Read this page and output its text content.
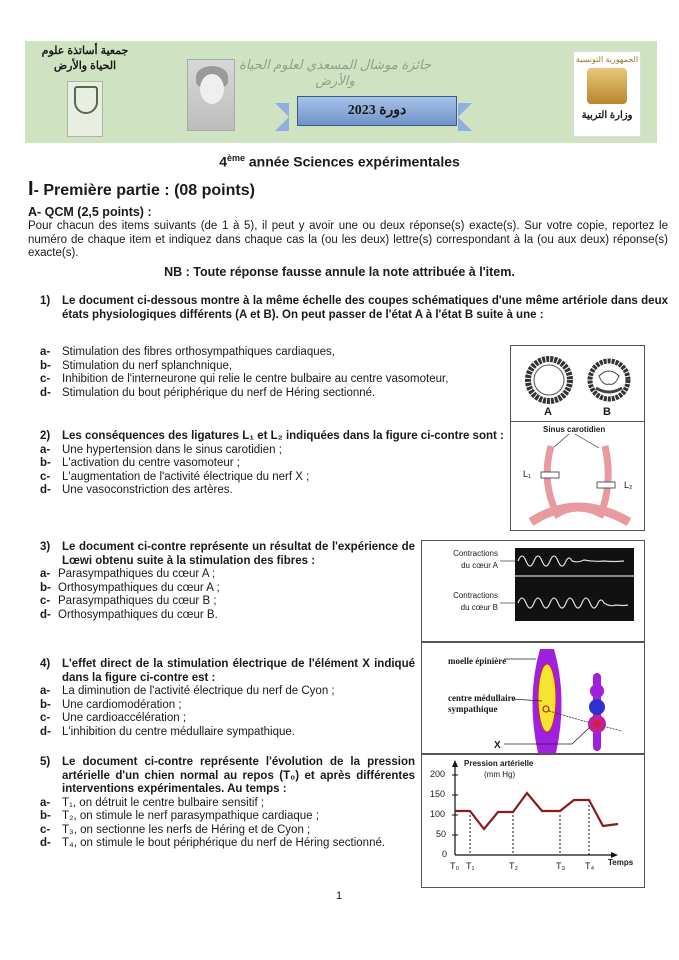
جمعية أساتذة علوم الحياة والأرض	جائزة موشال المسعدي لعلوم الحياة والأرض
دورة 2023
الجمهورية التونسية
وزارة التربية
4ème année Sciences expérimentales
I- Première partie : (08 points)
A- QCM (2,5 points) :
Pour chacun des items suivants (de 1 à 5), il peut y avoir une ou deux réponse(s) exacte(s). Sur votre copie, reportez le numéro de chaque item et indiquez dans chaque cas la (ou les deux) lettre(s) correspondant à la (ou aux deux) réponse(s) exacte(s).
NB : Toute réponse fausse annule la note attribuée à l'item.
1) Le document ci-dessous montre à la même échelle des coupes schématiques d'une même artériole dans deux états physiologiques différents (A et B). On peut passer de l'état A à l'état B suite à une :
a- Stimulation des fibres orthosympathiques cardiaques,
b- Stimulation du nerf splanchnique,
c- Inhibition de l'interneurone qui relie le centre bulbaire au centre vasomoteur,
d- Stimulation du bout périphérique du nerf de Héring sectionné.
A	B
2) Les conséquences des ligatures L₁ et L₂ indiquées dans la figure ci-contre sont :
a- Une hypertension dans le sinus carotidien ;
b- L'activation du centre vasomoteur ;
c- L'augmentation de l'activité électrique du nerf X ;
d- Une vasoconstriction des artères.
Sinus carotidien
L₁
L₂
3) Le document ci-contre représente un résultat de l'expérience de Lœwi obtenu suite à la stimulation des fibres :
a- Parasympathiques du cœur A ;
b- Orthosympathiques du cœur A ;
c- Parasympathiques du cœur B ;
d- Orthosympathiques du cœur B.
Contractions
du cœur A
Contractions
du cœur B
4) L'effet direct de la stimulation électrique de l'élément X indiqué dans la figure ci-contre est :
a- La diminution de l'activité électrique du nerf de Cyon ;
b- Une cardiomodération ;
c- Une cardioaccélération ;
d- L'inhibition du centre médullaire sympathique.
moelle épinière
centre médullaire
sympathique
X
5) Le document ci-contre représente l'évolution de la pression artérielle d'un chien normal au repos (T₀) et après différentes interventions expérimentales. Au temps :
a- T₁, on détruit le centre bulbaire sensitif ;
b- T₂, on stimule le nerf parasympathique cardiaque ;
c- T₃, on sectionne les nerfs de Héring et de Cyon ;
d- T₄, on stimule le bout périphérique du nerf de Héring sectionné.
Pression artérielle
(mm Hg)
200
150
100
50
0
T₀ T₁	T₂	T₃ T₄ Temps
1
